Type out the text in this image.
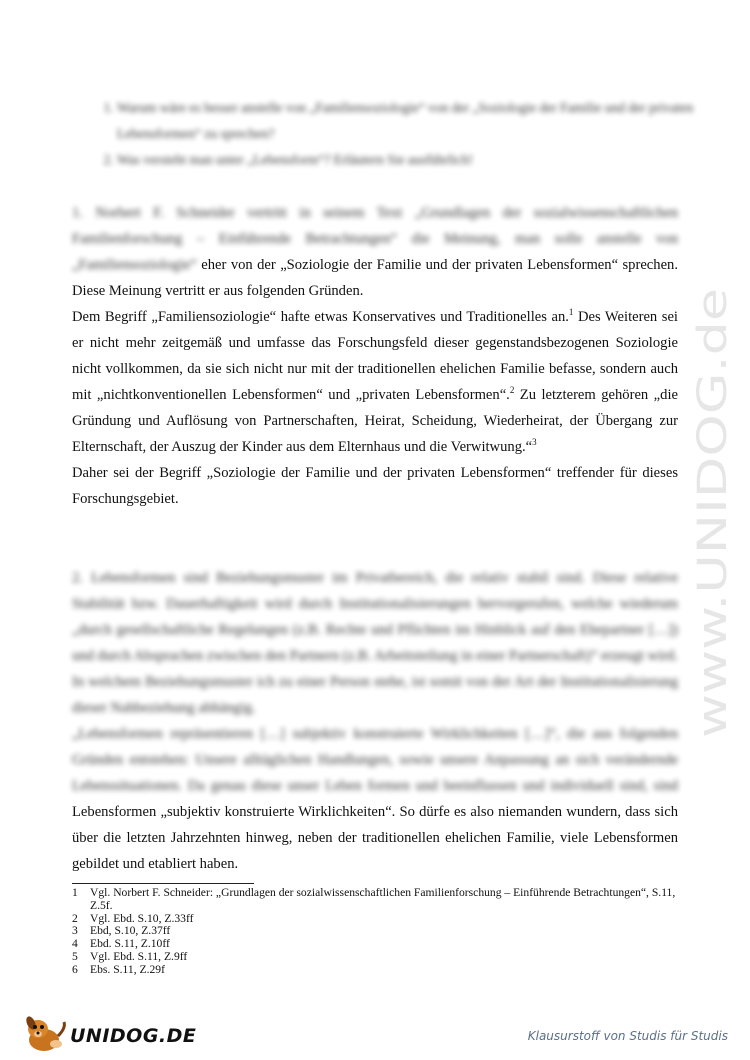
1. Warum wäre es besser anstelle von „Familiensoziologie“ von der „Soziologie der Familie und der privaten Lebensformen“ zu sprechen?
2. Was versteht man unter „Lebensform“? Erläutern Sie ausführlich!

1. Norbert F. Schneider vertritt in seinem Text „Grundlagen der sozialwissenschaftlichen Familienforschung – Einführende Betrachtungen“ die Meinung, man solle anstelle von „Familiensoziologie“ eher von der „Soziologie der Familie und der privaten Lebensformen“ sprechen. Diese Meinung vertritt er aus folgenden Gründen.

Dem Begriff „Familiensoziologie“ hafte etwas Konservatives und Traditionelles an.$^1$ Des Weiteren sei er nicht mehr zeitgemäß und umfasse das Forschungsfeld dieser gegenstandsbezogenen Soziologie nicht vollkommen, da sie sich nicht nur mit der traditionellen ehelichen Familie befasse, sondern auch mit „nichtkonventionellen Lebensformen“ und „privaten Lebensformen“.$^2$ Zu letzterem gehören „die Gründung und Auflösung von Partnerschaften, Heirat, Scheidung, Wiederheirat, der Übergang zur Elternschaft, der Auszug der Kinder aus dem Elternhaus und die Verwitwung.“$^3$

Daher sei der Begriff „Soziologie der Familie und der privaten Lebensformen“ treffender für dieses Forschungsgebiet.

2. Lebensformen sind Beziehungsmuster im Privatbereich, die relativ stabil sind. Diese relative Stabilität bzw. Dauerhaftigkeit wird durch Institutionalisierungen hervorgerufen, welche wiederum „durch gesellschaftliche Regelungen (z.B. Rechte und Pflichten im Hinblick auf den Ehepartner […]) und durch Absprachen zwischen den Partnern (z.B. Arbeitsteilung in einer Partnerschaft)“ erzeugt wird. In welchem Beziehungsmuster ich zu einer Person stehe, ist somit von der Art der Institutionalisierung dieser Nahbeziehung abhängig.

„Lebensformen repräsentieren […] subjektiv konstruierte Wirklichkeiten […]“, die aus folgenden Gründen entstehen: Unsere alltäglichen Handlungen, sowie unsere Anpassung an sich verändernde Lebenssituationen. Da genau diese unser Leben formen und beeinflussen und individuell sind, sind Lebensformen „subjektiv konstruierte Wirklichkeiten“. So dürfe es also niemanden wundern, dass sich über die letzten Jahrzehnten hinweg, neben der traditionellen ehelichen Familie, viele Lebensformen gebildet und etabliert haben.

1	Vgl. Norbert F. Schneider: „Grundlagen der sozialwissenschaftlichen Familienforschung – Einführende Betrachtungen“, S.11, Z.5f.
2	Vgl. Ebd. S.10, Z.33ff
3	Ebd, S.10, Z.37ff
4	Ebd. S.11, Z.10ff
5	Vgl. Ebd. S.11, Z.9ff
6	Ebs. S.11, Z.29f
www.UNIDOG.de
UNIDOG.DE	Klausurstoff von Studis für Studis
